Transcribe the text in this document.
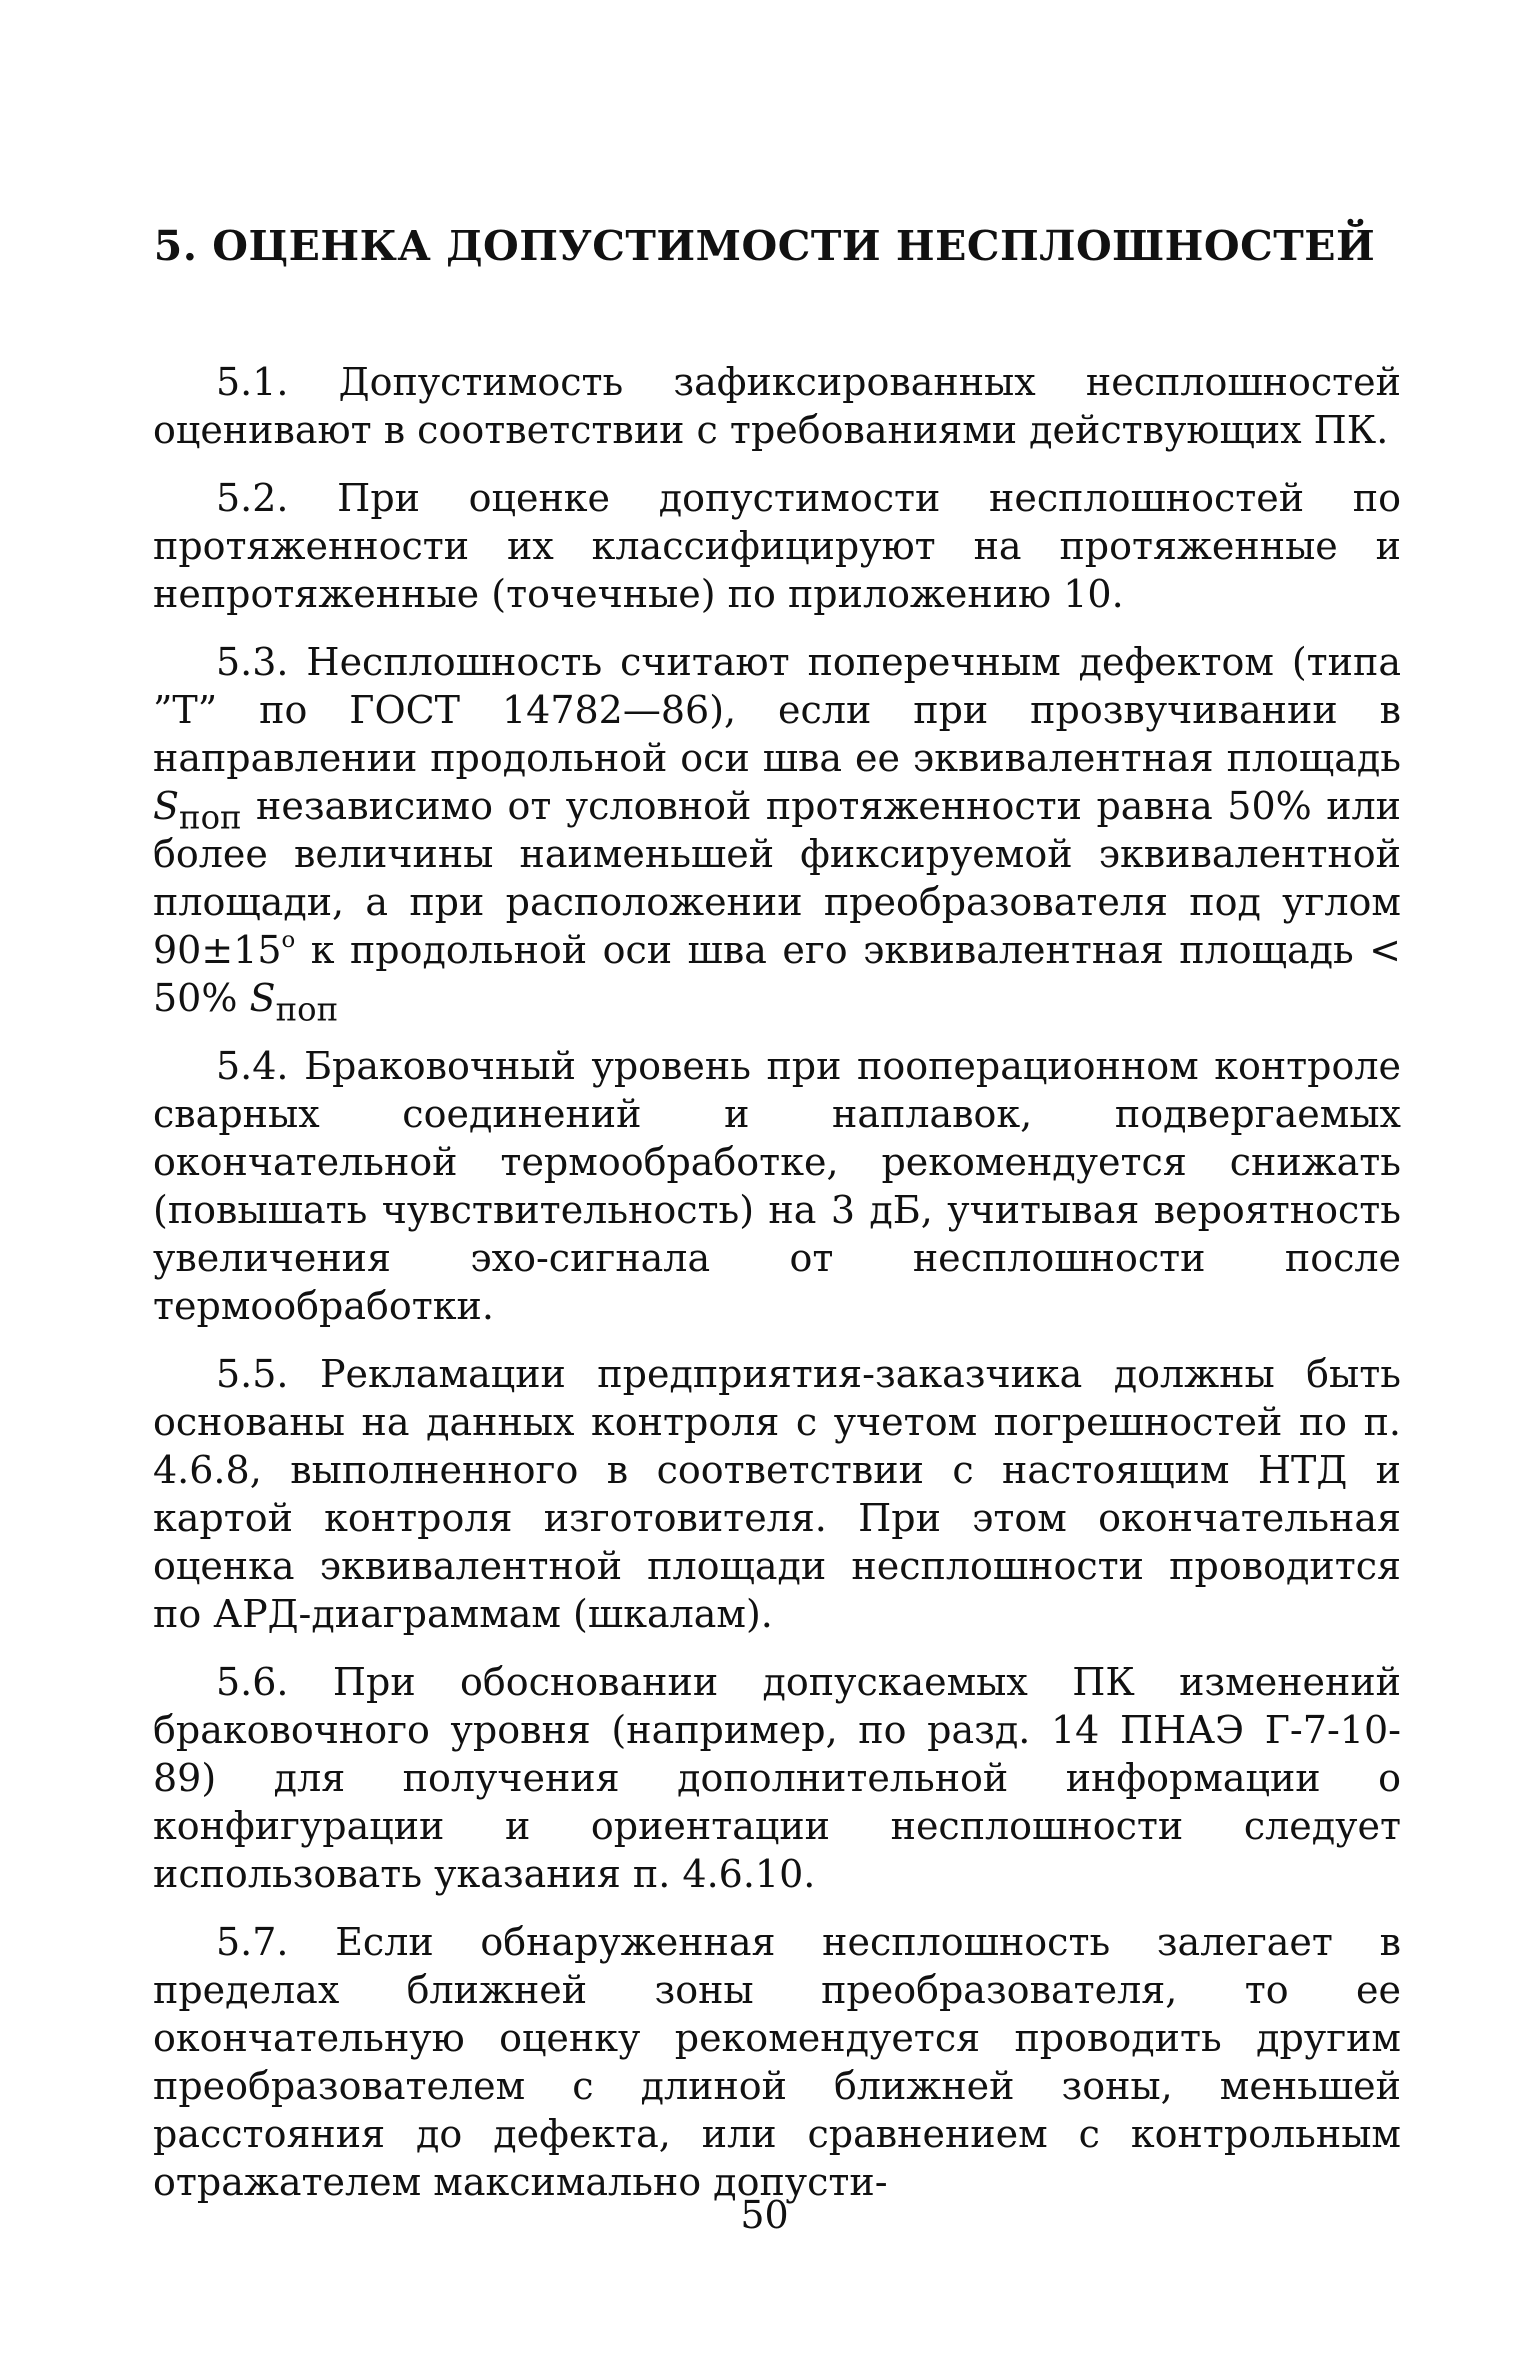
5. ОЦЕНКА ДОПУСТИМОСТИ НЕСПЛОШНОСТЕЙ

5.1. Допустимость зафиксированных несплошностей оценивают в соответствии с требованиями действующих ПК.

5.2. При оценке допустимости несплошностей по протяженности их классифицируют на протяженные и непротяженные (точечные) по приложению 10.

5.3. Несплошность считают поперечным дефектом (типа ”Т” по ГОСТ 14782—86), если при прозвучивании в направлении продольной оси шва ее эквивалентная площадь $S_{поп}$ независимо от условной протяженности равна 50% или более величины наименьшей фиксируемой эквивалентной площади, а при расположении преобразователя под углом $90\pm 15^о$ к продольной оси шва его эквивалентная площадь < 50% $S_{поп}$

5.4. Браковочный уровень при пооперационном контроле сварных соединений и наплавок, подвергаемых окончательной термообработке, рекомендуется снижать (повышать чувствительность) на 3 дБ, учитывая вероятность увеличения эхо-сигнала от несплошности после термообработки.

5.5. Рекламации предприятия-заказчика должны быть основаны на данных контроля с учетом погрешностей по п. 4.6.8, выполненного в соответствии с настоящим НТД и картой контроля изготовителя. При этом окончательная оценка эквивалентной площади несплошности проводится по АРД-диаграммам (шкалам).

5.6. При обосновании допускаемых ПК изменений браковочного уровня (например, по разд. 14 ПНАЭ Г-7-10-89) для получения дополнительной информации о конфигурации и ориентации несплошности следует использовать указания п. 4.6.10.

5.7. Если обнаруженная несплошность залегает в пределах ближней зоны преобразователя, то ее окончательную оценку рекомендуется проводить другим преобразователем с длиной ближней зоны, меньшей расстояния до дефекта, или сравнением с контрольным отражателем максимально допусти-

50
